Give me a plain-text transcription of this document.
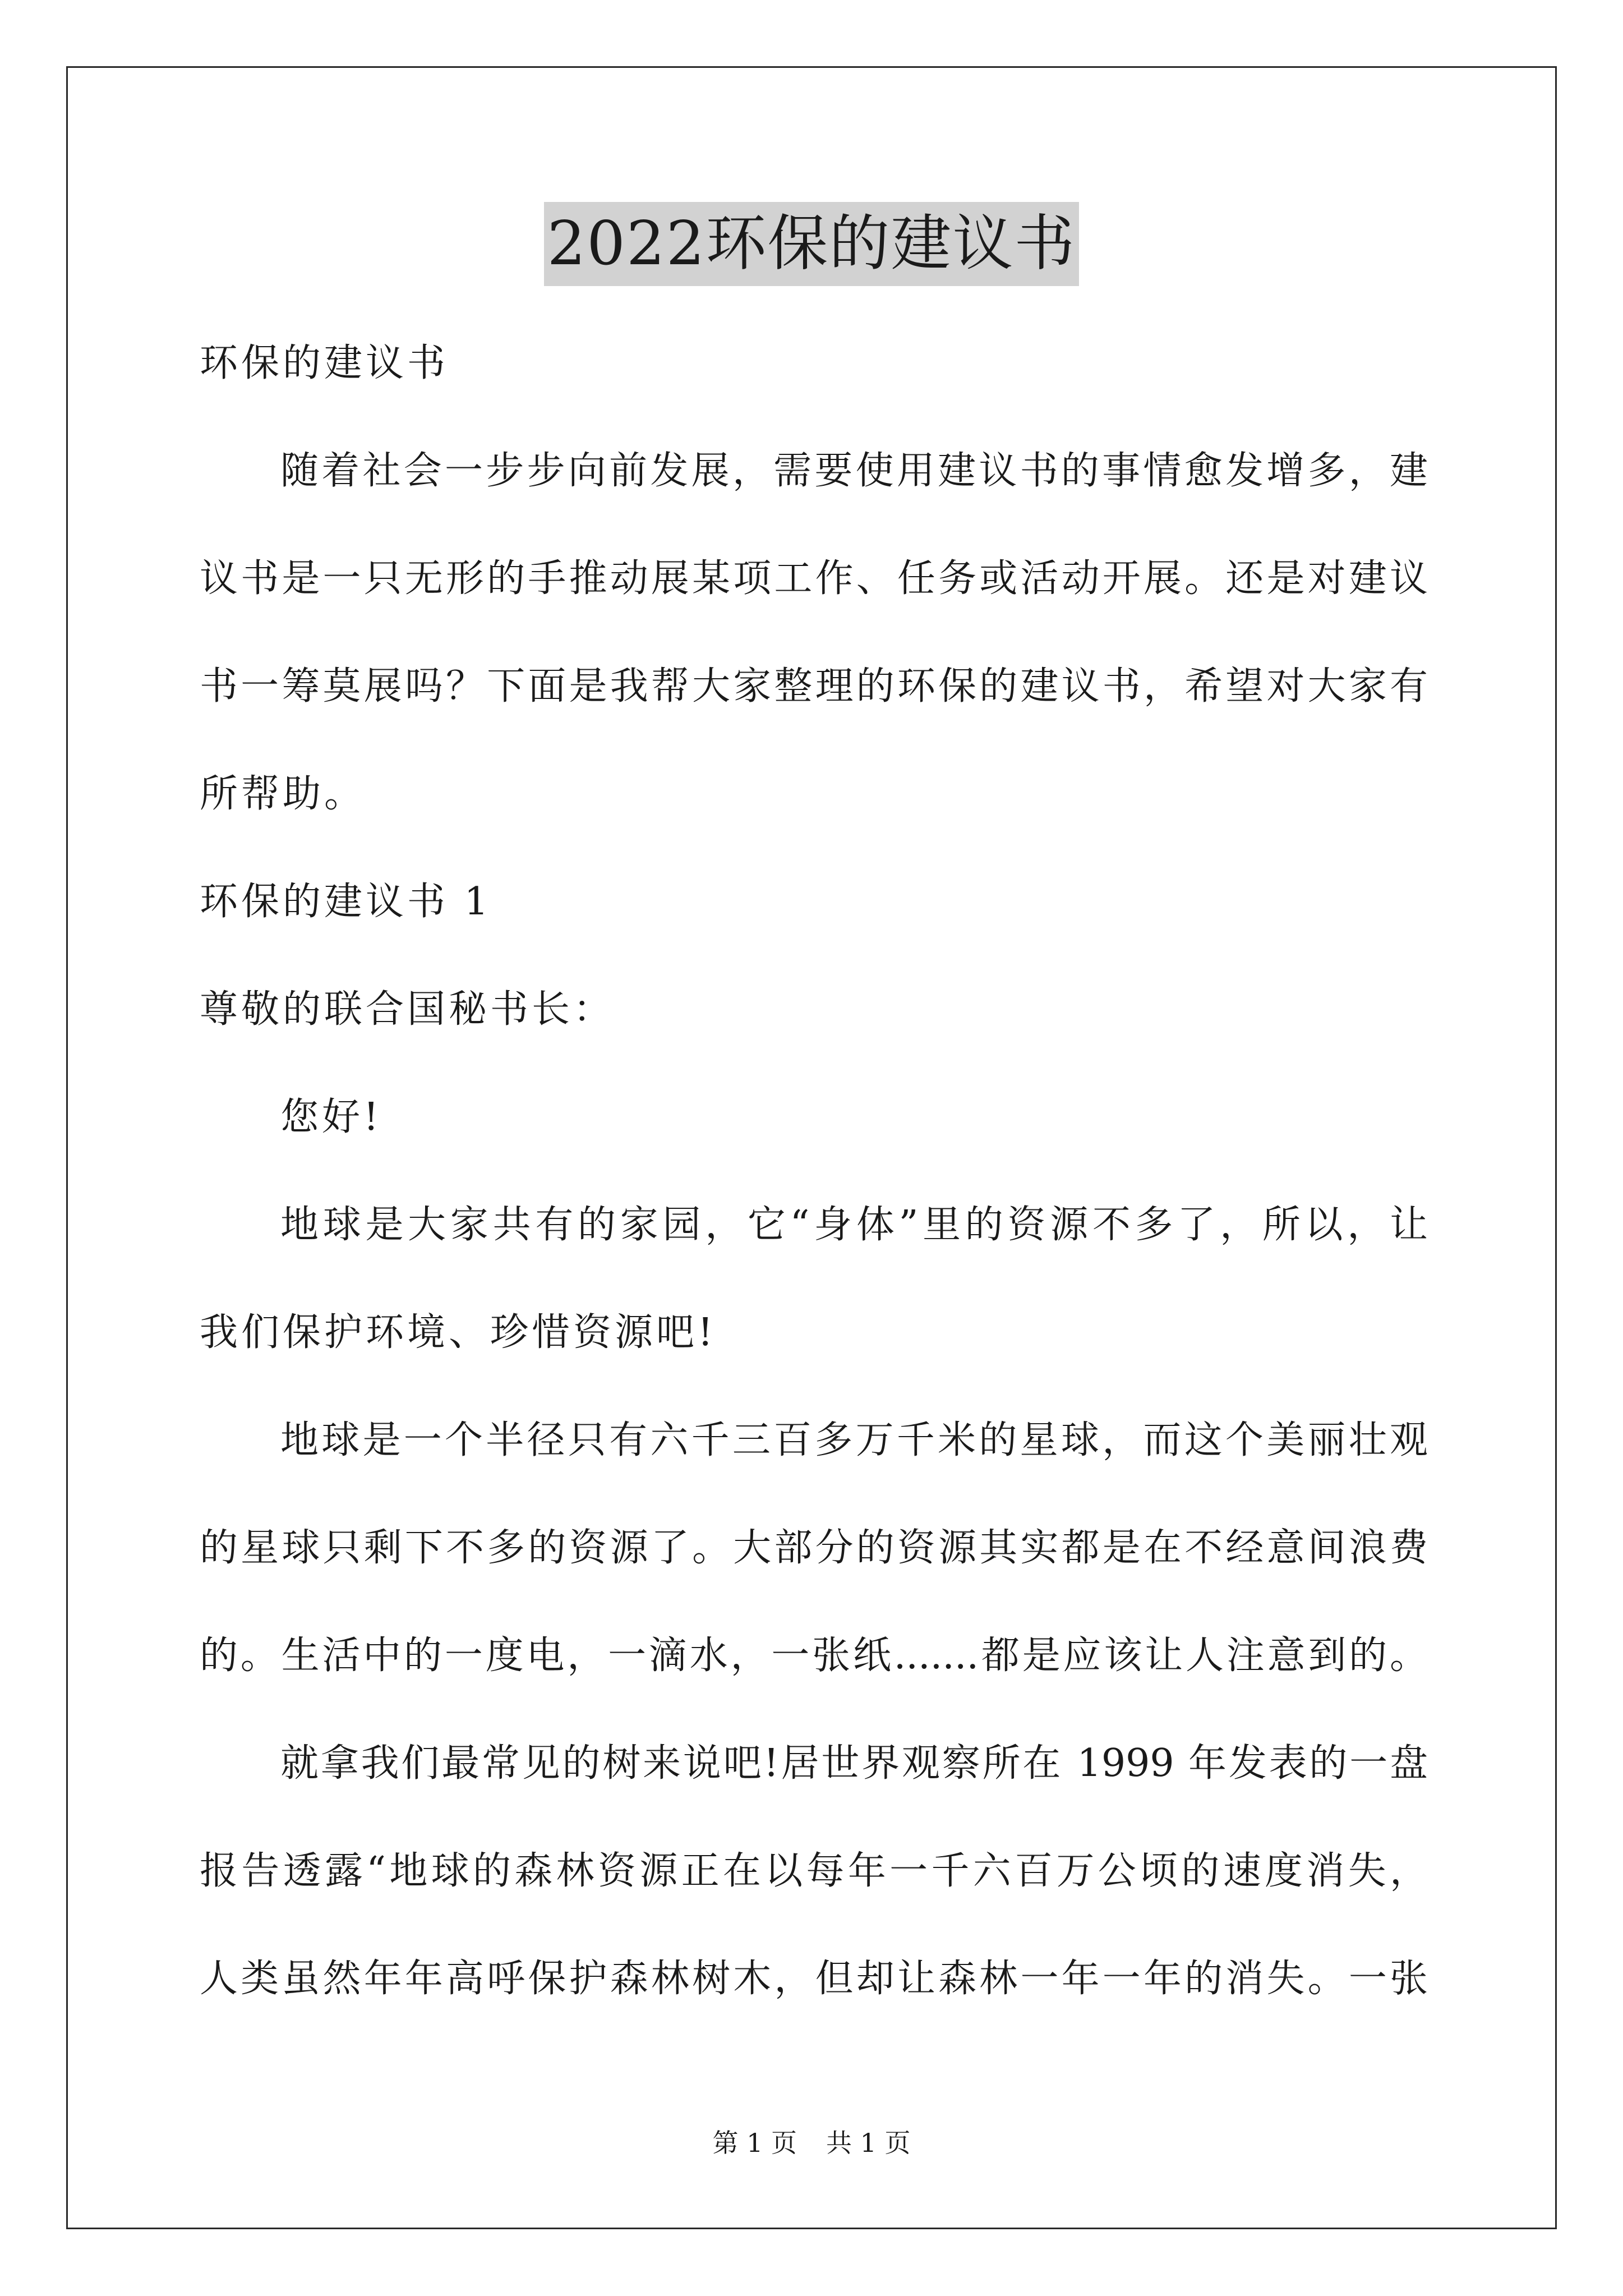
2022环保的建议书
环保的建议书
随着社会一步步向前发展，需要使用建议书的事情愈发增多，建
议书是一只无形的手推动展某项工作、任务或活动开展。还是对建议
书一筹莫展吗？下面是我帮大家整理的环保的建议书，希望对大家有
所帮助。
环保的建议书 1
尊敬的联合国秘书长：
您好!
地球是大家共有的家园，它“身体”里的资源不多了，所以，让
我们保护环境、珍惜资源吧!
地球是一个半径只有六千三百多万千米的星球，而这个美丽壮观
的星球只剩下不多的资源了。大部分的资源其实都是在不经意间浪费
的。生活中的一度电，一滴水，一张纸.......都是应该让人注意到的。
就拿我们最常见的树来说吧!居世界观察所在 1999 年发表的一盘
报告透露“地球的森林资源正在以每年一千六百万公顷的速度消失，
人类虽然年年高呼保护森林树木，但却让森林一年一年的消失。一张
第 1 页 共 1 页
